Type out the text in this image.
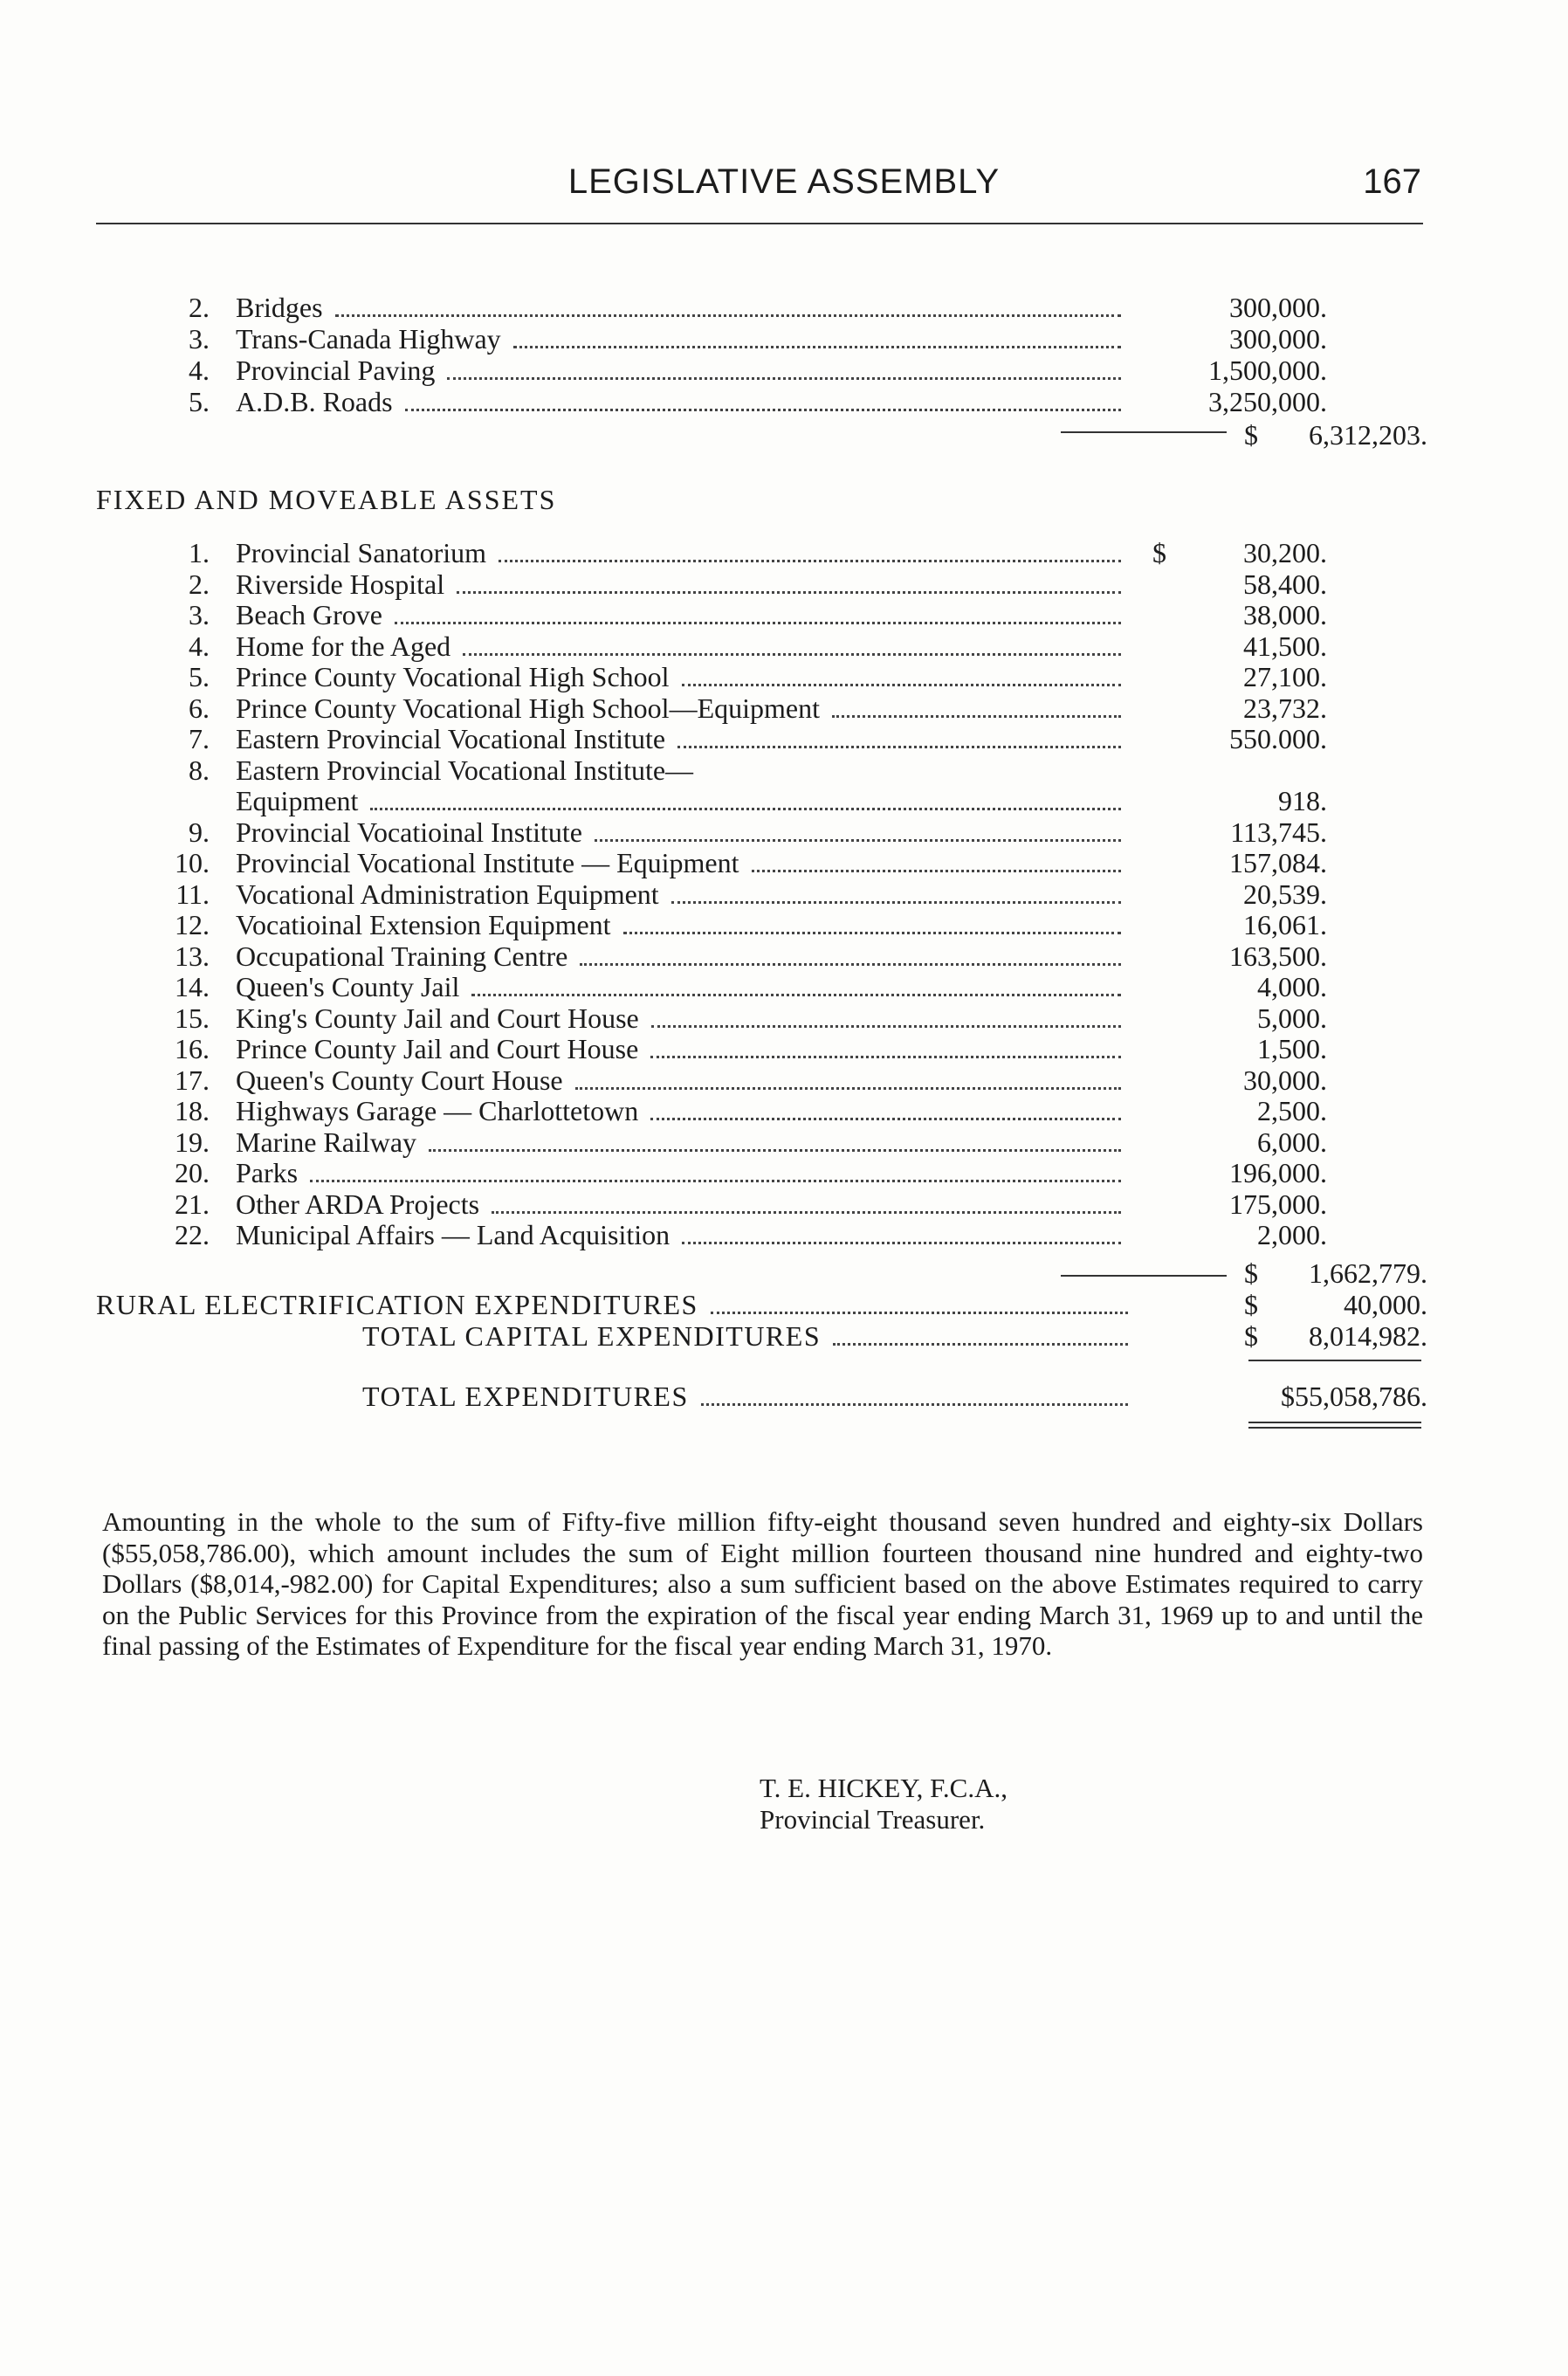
LEGISLATIVE ASSEMBLY	167
2. Bridges	300,000.
3. Trans-Canada Highway	300,000.
4. Provincial Paving	1,500,000.
5. A.D.B. Roads	3,250,000.
$	6,312,203.
FIXED AND MOVEABLE ASSETS
1. Provincial Sanatorium	$	30,200.
2. Riverside Hospital	58,400.
3. Beach Grove	38,000.
4. Home for the Aged	41,500.
5. Prince County Vocational High School	27,100.
6. Prince County Vocational High School—Equipment	23,732.
7. Eastern Provincial Vocational Institute	550.000.
8. Eastern Provincial Vocational Institute—
Equipment	918.
9. Provincial Vocatioinal Institute	113,745.
10. Provincial Vocational Institute — Equipment	157,084.
11. Vocational Administration Equipment	20,539.
12. Vocatioinal Extension Equipment	16,061.
13. Occupational Training Centre	163,500.
14. Queen's County Jail	4,000.
15. King's County Jail and Court House	5,000.
16. Prince County Jail and Court House	1,500.
17. Queen's County Court House	30,000.
18. Highways Garage — Charlottetown	2,500.
19. Marine Railway	6,000.
20. Parks	196,000.
21. Other ARDA Projects	175,000.
22. Municipal Affairs — Land Acquisition	2,000.
$	1,662,779.
RURAL ELECTRIFICATION EXPENDITURES	$	40,000.
TOTAL CAPITAL EXPENDITURES	$	8,014,982.
TOTAL EXPENDITURES	$55,058,786.
Amounting in the whole to the sum of Fifty-five million fifty-eight thousand seven hundred and eighty-six Dollars ($55,058,786.00), which amount includes the sum of Eight million fourteen thousand nine hundred and eighty-two Dollars ($8,014,-982.00) for Capital Expenditures; also a sum sufficient based on the above Estimates required to carry on the Public Services for this Province from the expiration of the fiscal year ending March 31, 1969 up to and until the final passing of the Estimates of Expenditure for the fiscal year ending March 31, 1970.
T. E. HICKEY, F.C.A.,
Provincial Treasurer.
